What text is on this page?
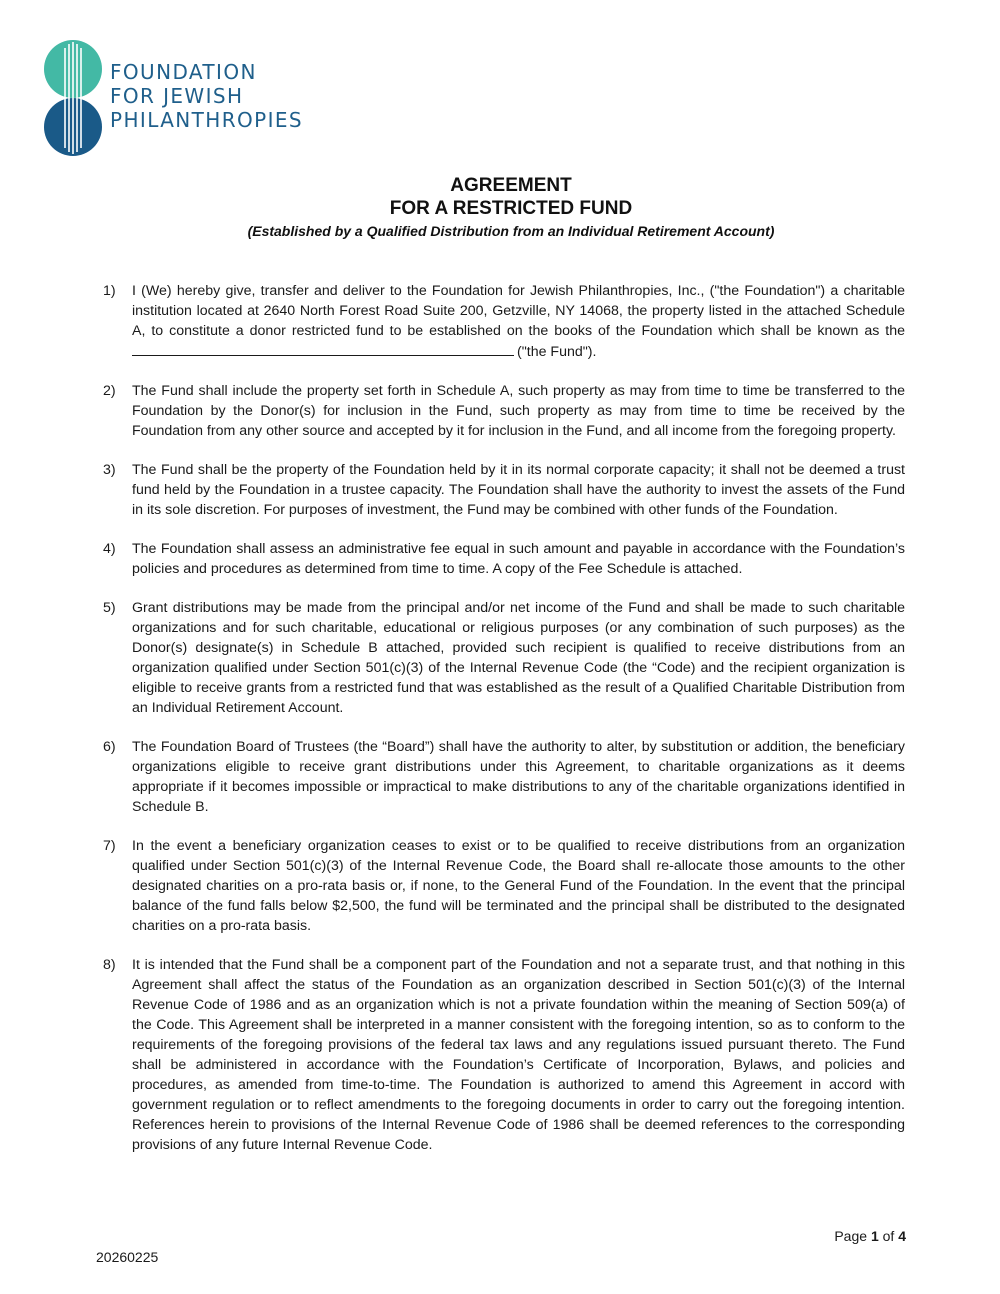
FOUNDATION
FOR JEWISH
PHILANTHROPIES
AGREEMENT
FOR A RESTRICTED FUND
(Established by a Qualified Distribution from an Individual Retirement Account)
1) I (We) hereby give, transfer and deliver to the Foundation for Jewish Philanthropies, Inc., ("the Foundation") a charitable institution located at 2640 North Forest Road Suite 200, Getzville, NY 14068, the property listed in the attached Schedule A, to constitute a donor restricted fund to be established on the books of the Foundation which shall be known as the("the Fund").
2) The Fund shall include the property set forth in Schedule A, such property as may from time to time be transferred to the Foundation by the Donor(s) for inclusion in the Fund, such property as may from time to time be received by the Foundation from any other source and accepted by it for inclusion in the Fund, and all income from the foregoing property.
3) The Fund shall be the property of the Foundation held by it in its normal corporate capacity; it shall not be deemed a trust fund held by the Foundation in a trustee capacity. The Foundation shall have the authority to invest the assets of the Fund in its sole discretion. For purposes of investment, the Fund may be combined with other funds of the Foundation.
4) The Foundation shall assess an administrative fee equal in such amount and payable in accordance with the Foundation’s policies and procedures as determined from time to time. A copy of the Fee Schedule is attached.
5) Grant distributions may be made from the principal and/or net income of the Fund and shall be made to such charitable organizations and for such charitable, educational or religious purposes (or any combination of such purposes) as the Donor(s) designate(s) in Schedule B attached, provided such recipient is qualified to receive distributions from an organization qualified under Section 501(c)(3) of the Internal Revenue Code (the “Code) and the recipient organization is eligible to receive grants from a restricted fund that was established as the result of a Qualified Charitable Distribution from an Individual Retirement Account.
6) The Foundation Board of Trustees (the “Board”) shall have the authority to alter, by substitution or addition, the beneficiary organizations eligible to receive grant distributions under this Agreement, to charitable organizations as it deems appropriate if it becomes impossible or impractical to make distributions to any of the charitable organizations identified in Schedule B.
7) In the event a beneficiary organization ceases to exist or to be qualified to receive distributions from an organization qualified under Section 501(c)(3) of the Internal Revenue Code, the Board shall re-allocate those amounts to the other designated charities on a pro-rata basis or, if none, to the General Fund of the Foundation. In the event that the principal balance of the fund falls below $2,500, the fund will be terminated and the principal shall be distributed to the designated charities on a pro-rata basis.
8) It is intended that the Fund shall be a component part of the Foundation and not a separate trust, and that nothing in this Agreement shall affect the status of the Foundation as an organization described in Section 501(c)(3) of the Internal Revenue Code of 1986 and as an organization which is not a private foundation within the meaning of Section 509(a) of the Code. This Agreement shall be interpreted in a manner consistent with the foregoing intention, so as to conform to the requirements of the foregoing provisions of the federal tax laws and any regulations issued pursuant thereto. The Fund shall be administered in accordance with the Foundation’s Certificate of Incorporation, Bylaws, and policies and procedures, as amended from time-to-time. The Foundation is authorized to amend this Agreement in accord with government regulation or to reflect amendments to the foregoing documents in order to carry out the foregoing intention. References herein to provisions of the Internal Revenue Code of 1986 shall be deemed references to the corresponding provisions of any future Internal Revenue Code.
Page 1 of 4
20260225
